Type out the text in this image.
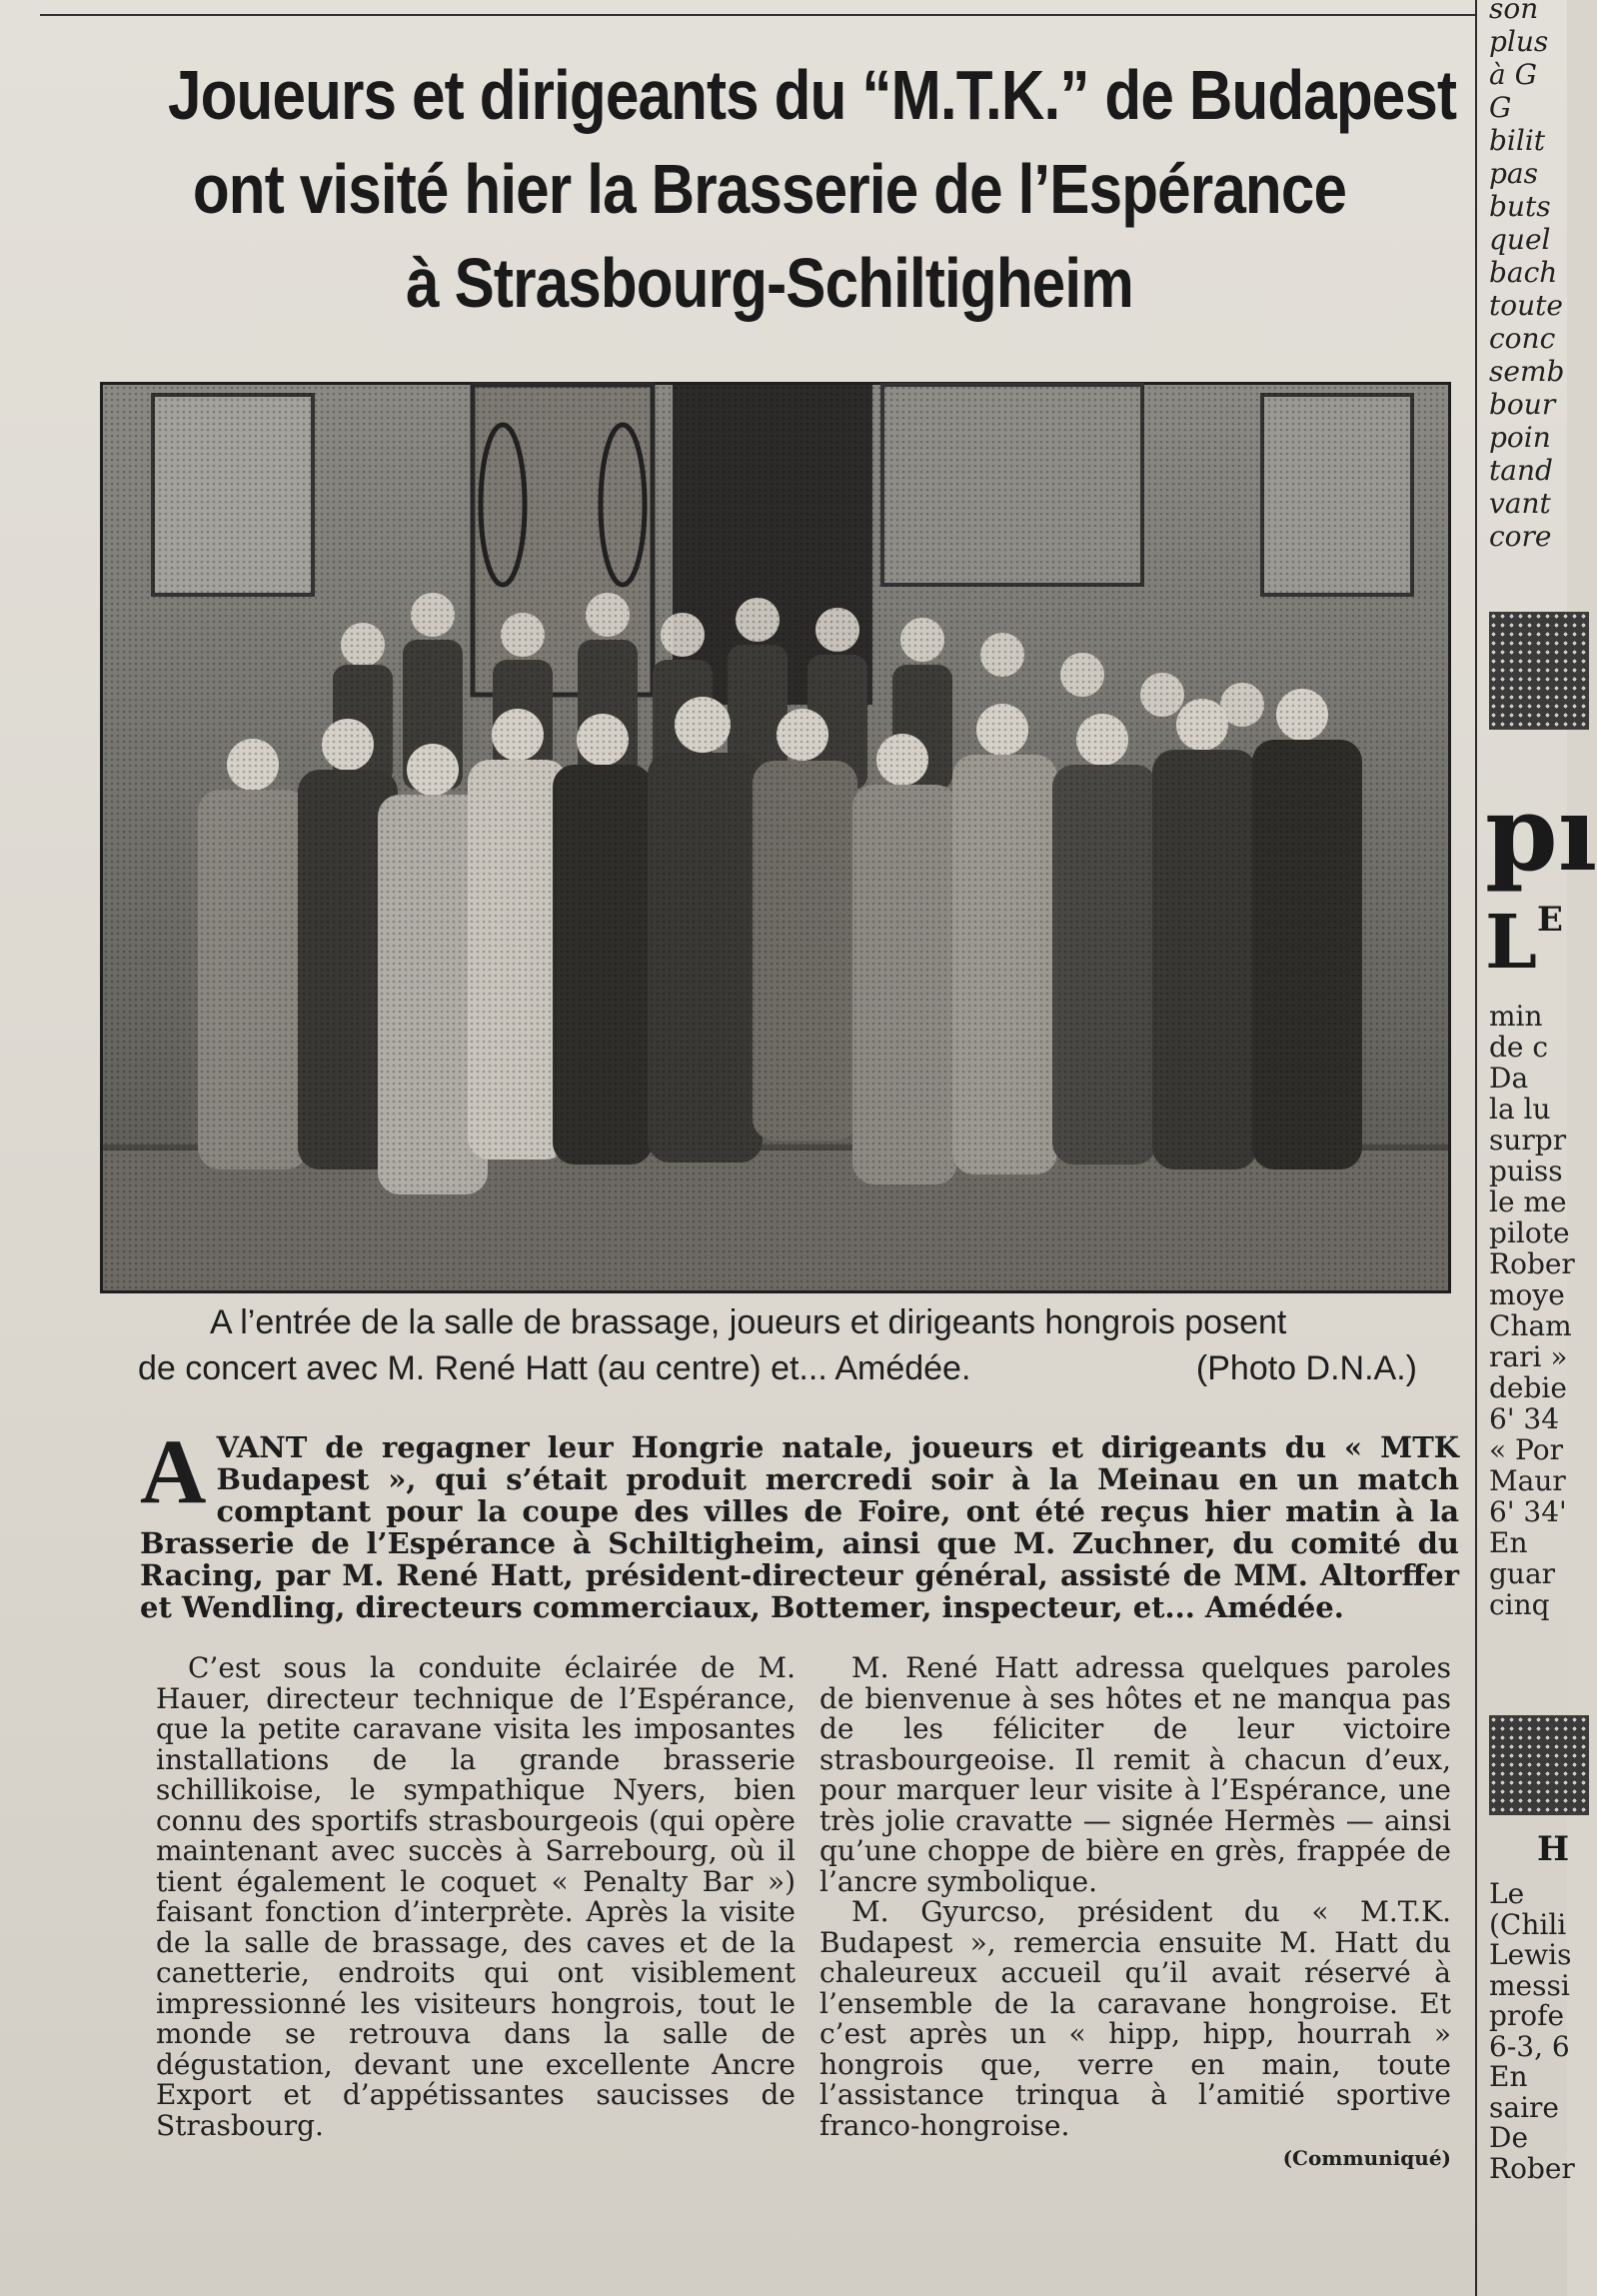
Joueurs et dirigeants du “M.T.K.” de Budapest
ont visité hier la Brasserie de l’Espérance
à Strasbourg-Schiltigheim
A l’entrée de la salle de brassage, joueurs et dirigeants hongrois posent
de concert avec M. René Hatt (au centre) et... Amédée.	(Photo D.N.A.)
AVANT de regagner leur Hongrie natale, joueurs et dirigeants du « MTK Budapest », qui s’était produit mercredi soir à la Meinau en un match comptant pour la coupe des villes de Foire, ont été reçus hier matin à la Brasserie de l’Espérance à Schiltigheim, ainsi que M. Zuchner, du comité du Racing, par M. René Hatt, président-directeur général, assisté de MM. Altorffer et Wendling, directeurs commerciaux, Bottemer, inspecteur, et... Amédée.

C’est sous la conduite éclairée de M. Hauer, directeur technique de l’Espérance, que la petite caravane visita les imposantes installations de la grande brasserie schillikoise, le sympathique Nyers, bien connu des sportifs strasbourgeois (qui opère maintenant avec succès à Sarrebourg, où il tient également le coquet « Penalty Bar ») faisant fonction d’interprète. Après la visite de la salle de brassage, des caves et de la canetterie, endroits qui ont visiblement impressionné les visiteurs hongrois, tout le monde se retrouva dans la salle de dégustation, devant une excellente Ancre Export et d’appétissantes saucisses de Strasbourg.

M. René Hatt adressa quelques paroles de bienvenue à ses hôtes et ne manqua pas de les féliciter de leur victoire strasbourgeoise. Il remit à chacun d’eux, pour marquer leur visite à l’Espérance, une très jolie cravatte — signée Hermès — ainsi qu’une choppe de bière en grès, frappée de l’ancre symbolique.

M. Gyurcso, président du « M.T.K. Budapest », remercia ensuite M. Hatt du chaleureux accueil qu’il avait réservé à l’ensemble de la caravane hongroise. Et c’est après un « hipp, hipp, hourrah » hongrois que, verre en main, toute l’assistance trinqua à l’amitié sportive franco-hongroise.

(Communiqué)
son
plus
à G
G
bilit
pas
buts
quel
bach
toute
conc
semb
bour
poin
tand
vant
core
pı
$L^E$
min
de c
Da
la lu
surpr
puiss
le me
pilote
Rober
moye
Cham
rari »
debie
6' 34
« Por
Maur
6' 34'
En
guar
cinq
H
Le
(Chili
Lewis
messi
profe
6-3, 6
En
saire
De
Rober
